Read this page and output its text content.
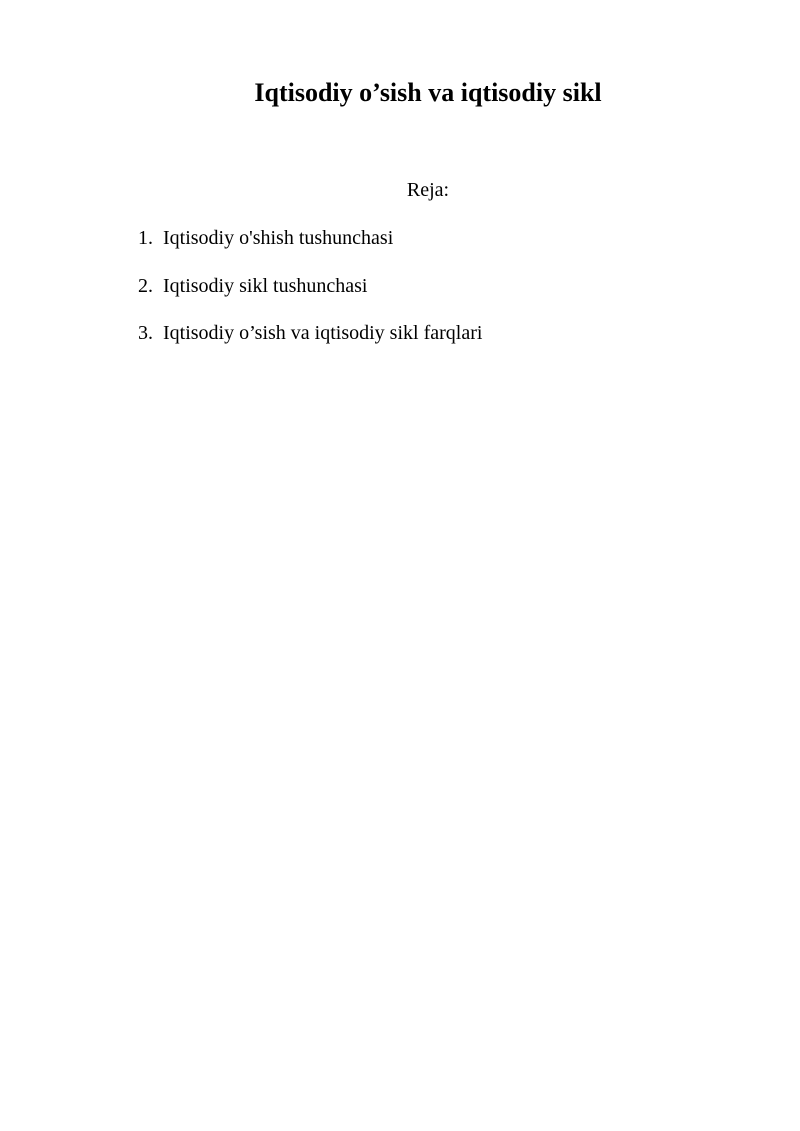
Iqtisodiy o’sish va iqtisodiy sikl
Reja:
1. Iqtisodiy o'shish tushunchasi
2. Iqtisodiy sikl tushunchasi
3. Iqtisodiy o’sish va iqtisodiy sikl farqlari
